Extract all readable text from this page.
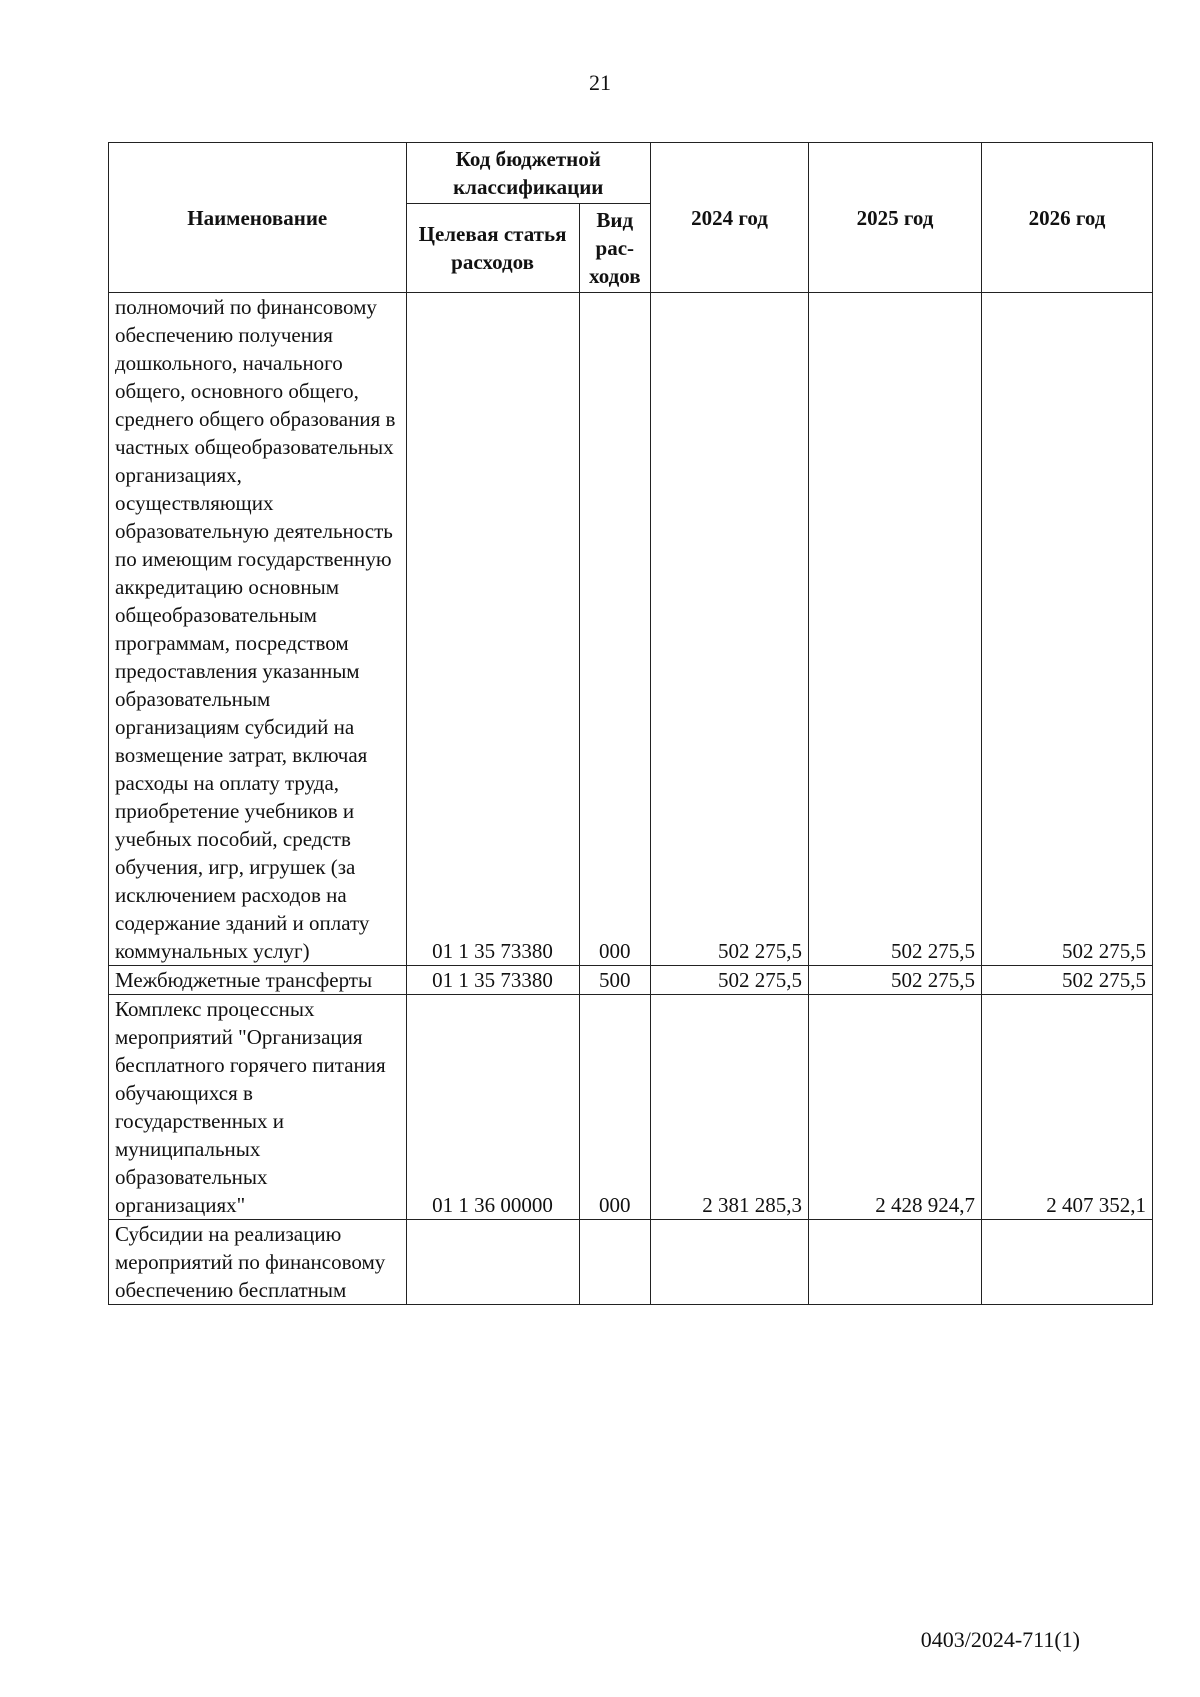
21
Наименование	Код бюджетной классификации		2024 год	2025 год	2026 год
	Целевая статья расходов	Вид рас-ходов			
полномочий по финансовому обеспечению получения дошкольного, начального общего, основного общего, среднего общего образования в частных общеобразовательных организациях, осуществляющих образовательную деятельность по имеющим государственную аккредитацию основным общеобразовательным программам, посредством предоставления указанным образовательным организациям субсидий на возмещение затрат, включая расходы на оплату труда, приобретение учебников и учебных пособий, средств обучения, игр, игрушек (за исключением расходов на содержание зданий и оплату коммунальных услуг)	01 1 35 73380	000	502 275,5	502 275,5	502 275,5
Межбюджетные трансферты	01 1 35 73380	500	502 275,5	502 275,5	502 275,5
Комплекс процессных мероприятий "Организация бесплатного горячего питания обучающихся в государственных и муниципальных образовательных организациях"	01 1 36 00000	000	2 381 285,3	2 428 924,7	2 407 352,1
Субсидии на реализацию мероприятий по финансовому обеспечению бесплатным					
0403/2024-711(1)
